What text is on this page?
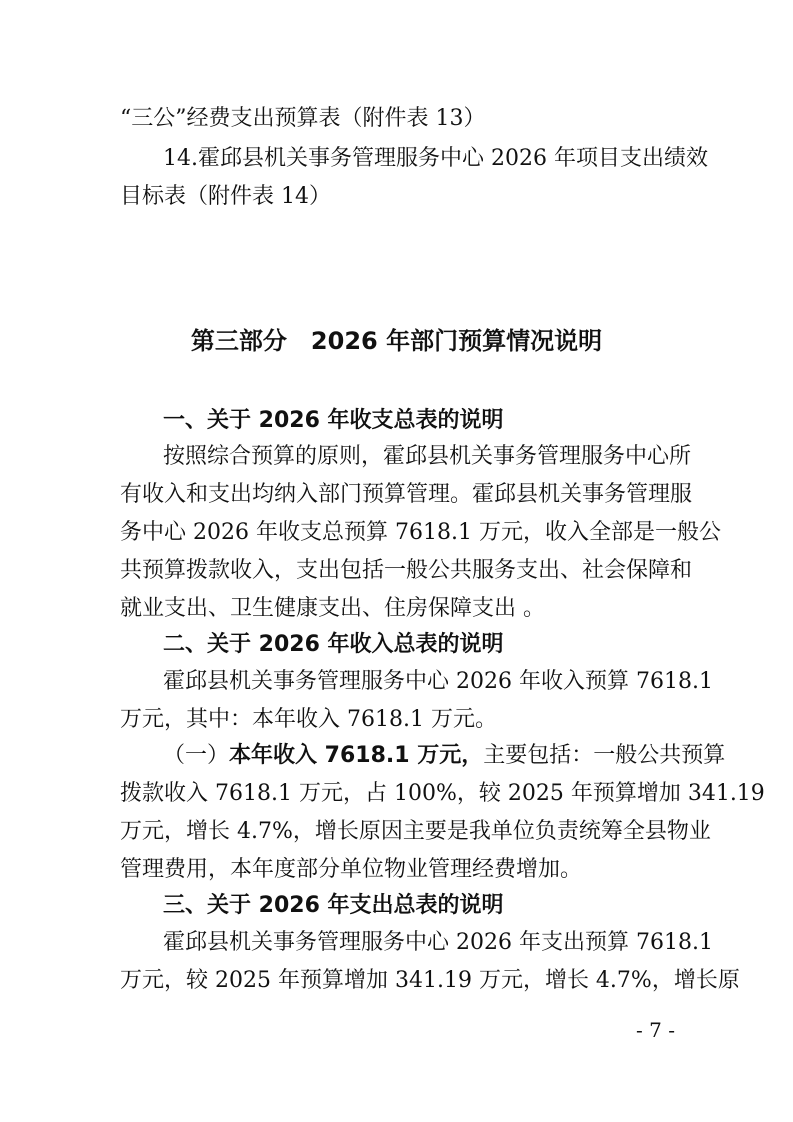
“三公”经费支出预算表（附件表 13）
14.霍邱县机关事务管理服务中心 2026 年项目支出绩效
目标表（附件表 14）
第三部分　2026 年部门预算情况说明
一、关于 2026 年收支总表的说明
按照综合预算的原则，霍邱县机关事务管理服务中心所
有收入和支出均纳入部门预算管理。霍邱县机关事务管理服
务中心 2026 年收支总预算 7618.1 万元，收入全部是一般公
共预算拨款收入，支出包括一般公共服务支出、社会保障和
就业支出、卫生健康支出、住房保障支出 。
二、关于 2026 年收入总表的说明
霍邱县机关事务管理服务中心 2026 年收入预算 7618.1
万元，其中：本年收入 7618.1 万元。
（一）本年收入 7618.1 万元，主要包括：一般公共预算
拨款收入 7618.1 万元，占 100%，较 2025 年预算增加 341.19
万元，增长 4.7%，增长原因主要是我单位负责统筹全县物业
管理费用，本年度部分单位物业管理经费增加。
三、关于 2026 年支出总表的说明
霍邱县机关事务管理服务中心 2026 年支出预算 7618.1
万元，较 2025 年预算增加 341.19 万元，增长 4.7%，增长原
- 7 -
